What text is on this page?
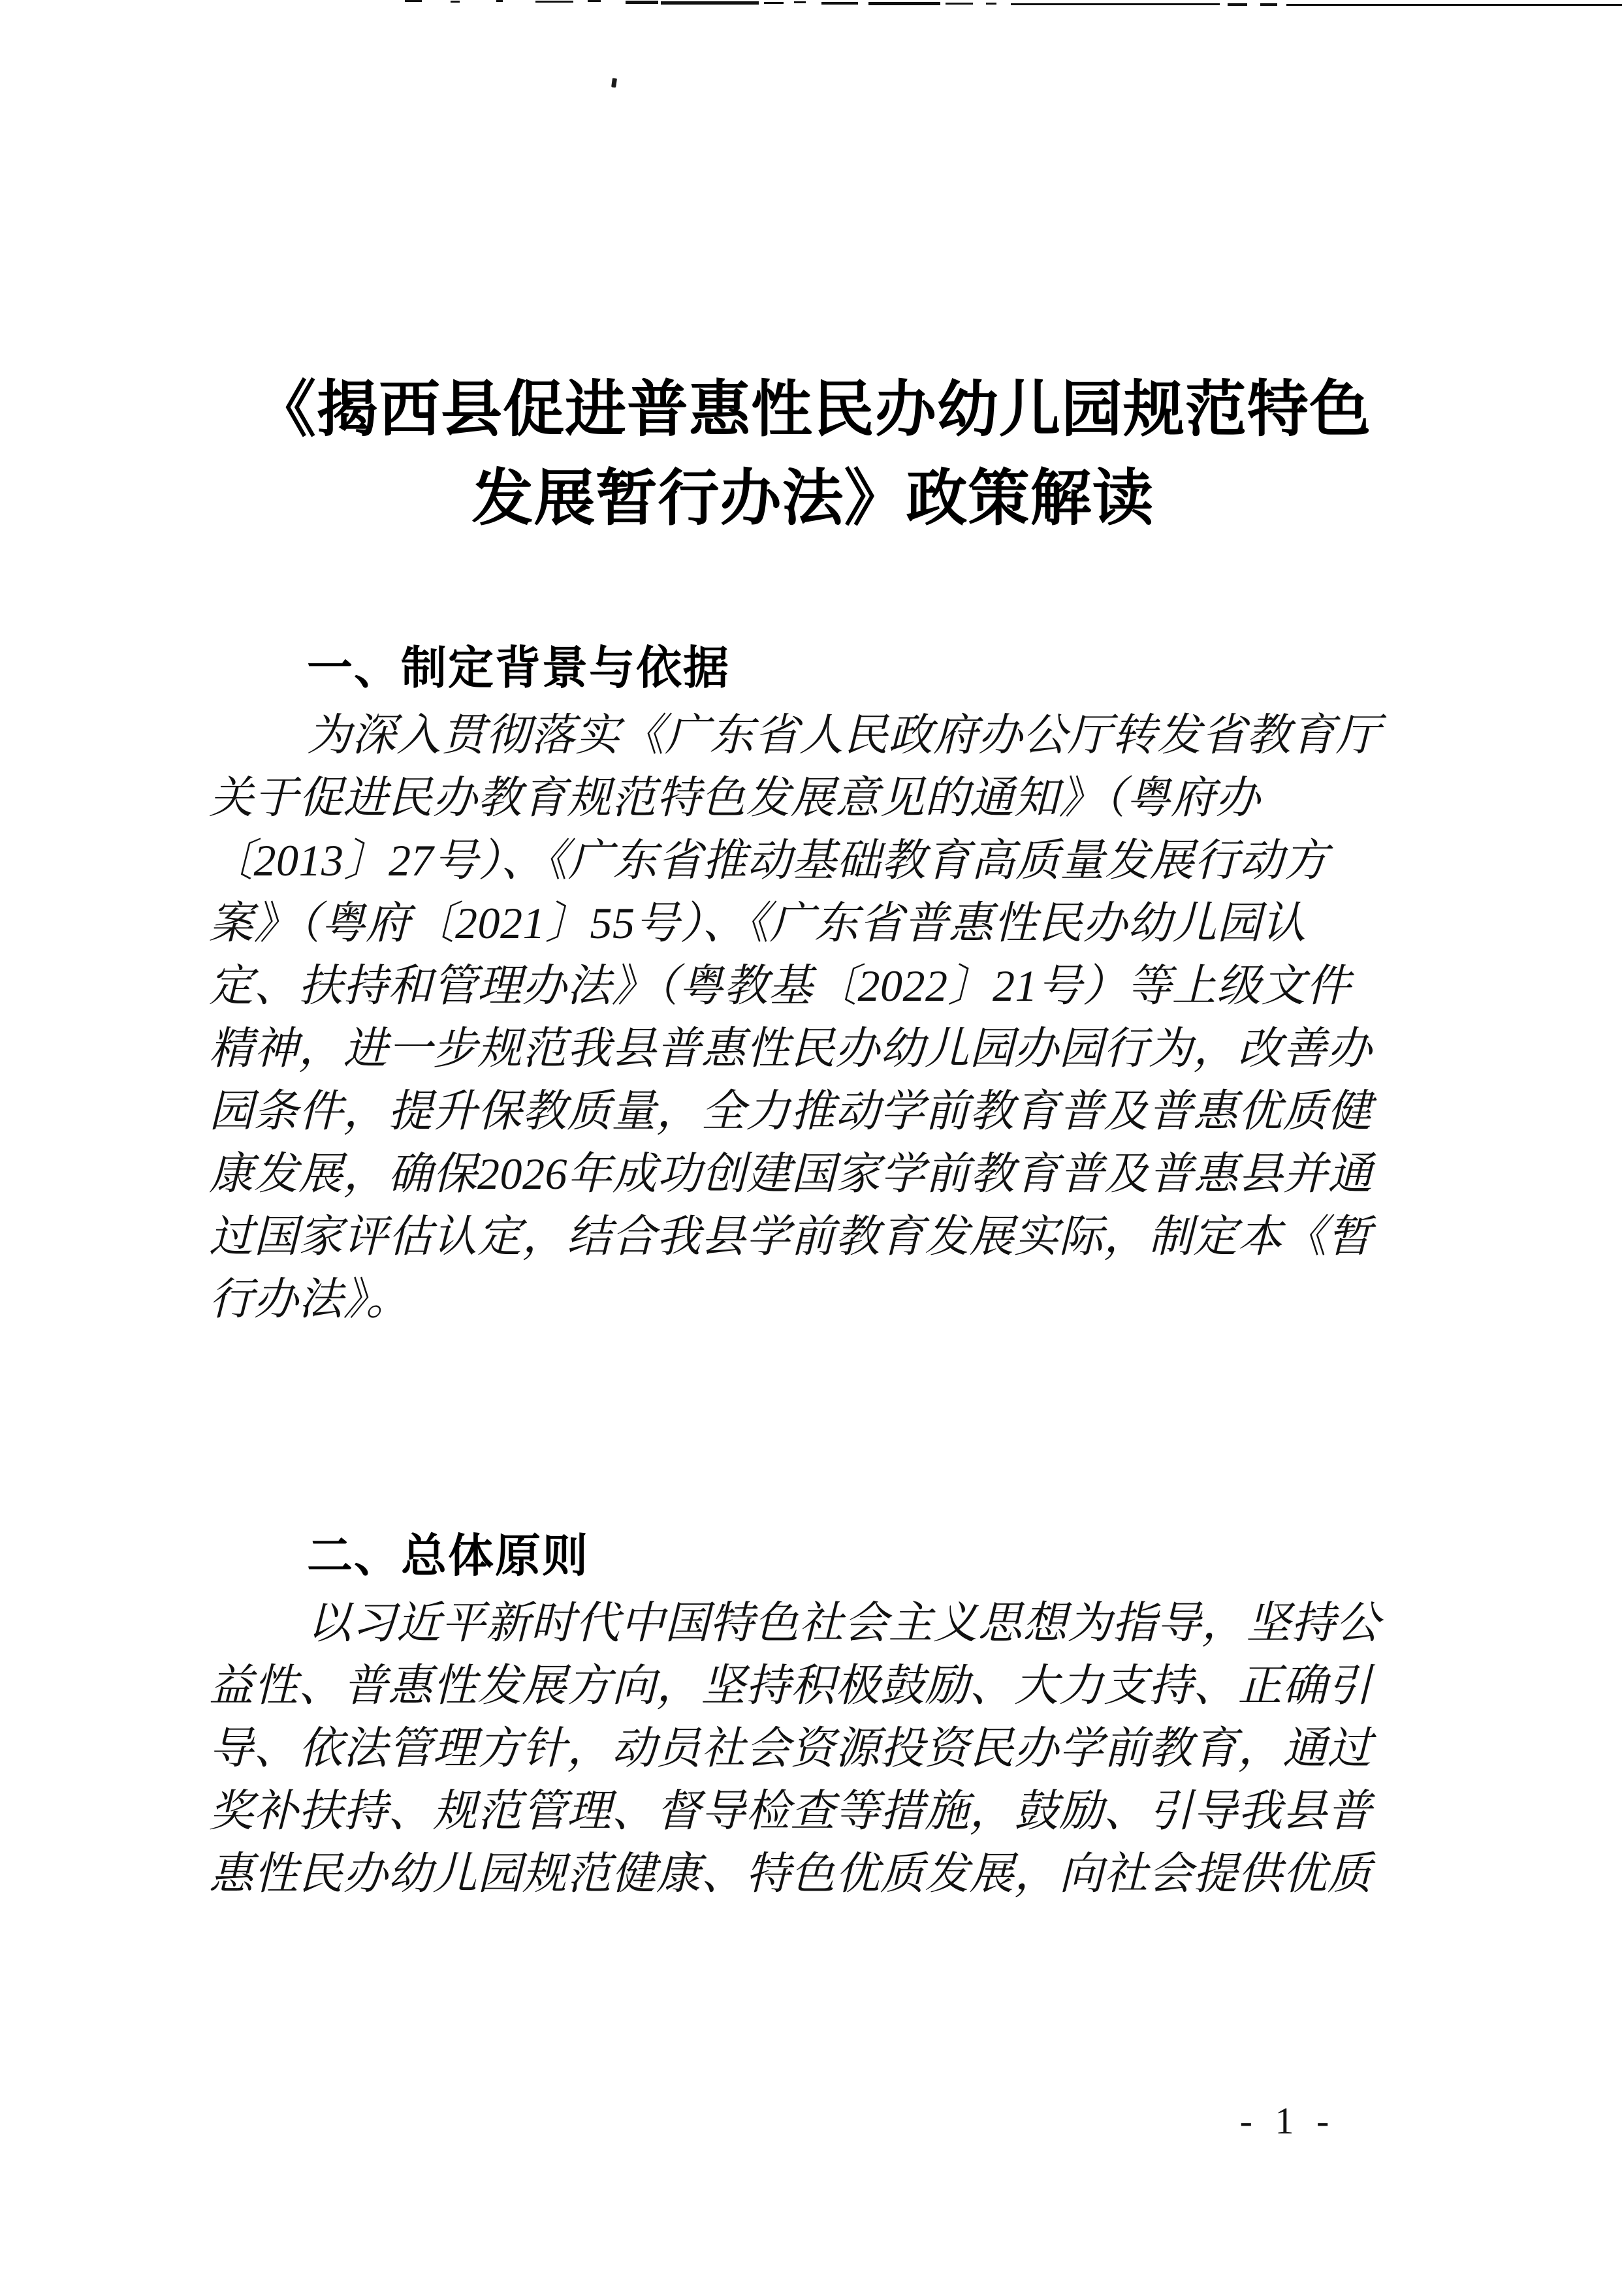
《揭西县促进普惠性民办幼儿园规范特色
发展暂行办法》政策解读
一、制定背景与依据
为深入贯彻落实《广东省人民政府办公厅转发省教育厅
关于促进民办教育规范特色发展意见的通知》（粤府办
〔2013〕27号）、《广东省推动基础教育高质量发展行动方
案》（粤府〔2021〕55号）、《广东省普惠性民办幼儿园认
定、扶持和管理办法》（粤教基〔2022〕21号）等上级文件
精神，进一步规范我县普惠性民办幼儿园办园行为，改善办
园条件，提升保教质量，全力推动学前教育普及普惠优质健
康发展，确保2026年成功创建国家学前教育普及普惠县并通
过国家评估认定，结合我县学前教育发展实际，制定本《暂
行办法》。
二、总体原则
以习近平新时代中国特色社会主义思想为指导，坚持公
益性、普惠性发展方向，坚持积极鼓励、大力支持、正确引
导、依法管理方针，动员社会资源投资民办学前教育，通过
奖补扶持、规范管理、督导检查等措施，鼓励、引导我县普
惠性民办幼儿园规范健康、特色优质发展，向社会提供优质
- 1 -
